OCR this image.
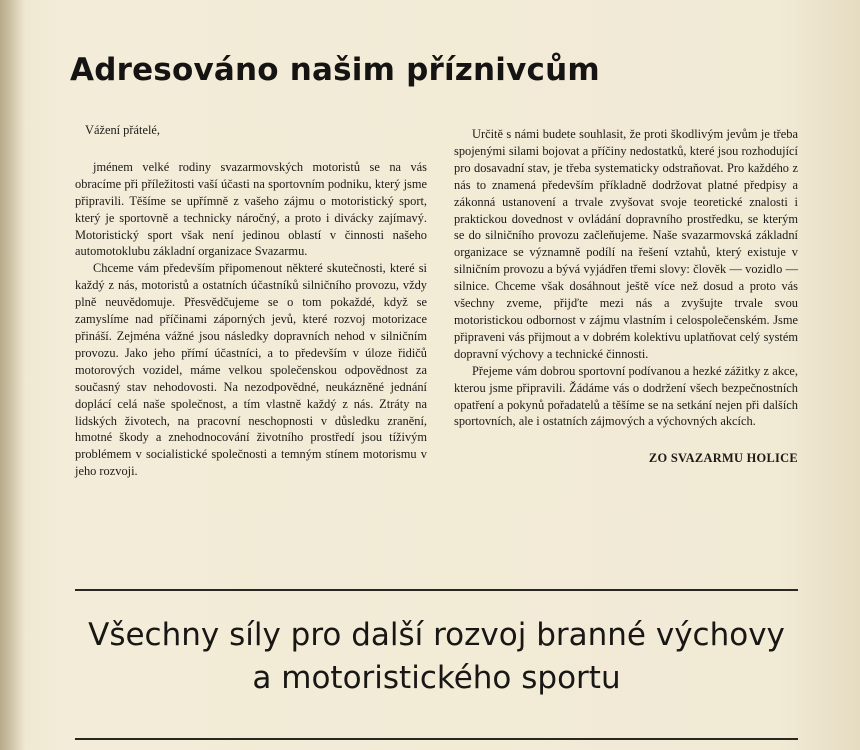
Adresováno našim příznivcům

Vážení přátelé,

jménem velké rodiny svazarmovských motoristů se na vás obracíme při příležitosti vaší účasti na sportovním podniku, který jsme připravili. Těšíme se upřímně z vašeho zájmu o motoristický sport, který je sportovně a technicky náročný, a proto i divácky zajímavý. Motoristický sport však není jedinou oblastí v činnosti našeho automotoklubu základní organizace Svazarmu.

Chceme vám především připomenout některé skutečnosti, které si každý z nás, motoristů a ostatních účastníků silničního provozu, vždy plně neuvědomuje. Přesvědčujeme se o tom pokaždé, když se zamyslíme nad příčinami záporných jevů, které rozvoj motorizace přináší. Zejména vážné jsou následky dopravních nehod v silničním provozu. Jako jeho přímí účastníci, a to především v úloze řidičů motorových vozidel, máme velkou společenskou odpovědnost za současný stav nehodovosti. Na nezodpovědné, neukázněné jednání doplácí celá naše společnost, a tím vlastně každý z nás. Ztráty na lidských životech, na pracovní neschopnosti v důsledku zranění, hmotné škody a znehodnocování životního prostředí jsou tíživým problémem v socialistické společnosti a temným stínem motorismu v jeho rozvoji.

Určitě s námi budete souhlasit, že proti škodlivým jevům je třeba spojenými silami bojovat a příčiny nedostatků, které jsou rozhodující pro dosavadní stav, je třeba systematicky odstraňovat. Pro každého z nás to znamená především příkladně dodržovat platné předpisy a zákonná ustanovení a trvale zvyšovat svoje teoretické znalosti i praktickou dovednost v ovládání dopravního prostředku, se kterým se do silničního provozu začleňujeme. Naše svazarmovská základní organizace se významně podílí na řešení vztahů, který existuje v silničním provozu a bývá vyjádřen třemi slovy: člověk — vozidlo — silnice. Chceme však dosáhnout ještě více než dosud a proto vás všechny zveme, přijďte mezi nás a zvyšujte trvale svou motoristickou odbornost v zájmu vlastním i celospolečenském. Jsme připraveni vás přijmout a v dobrém kolektivu uplatňovat celý systém dopravní výchovy a technické činnosti.

Přejeme vám dobrou sportovní podívanou a hezké zážitky z akce, kterou jsme připravili. Žádáme vás o dodržení všech bezpečnostních opatření a pokynů pořadatelů a těšíme se na setkání nejen při dalších sportovních, ale i ostatních zájmových a výchovných akcích.

ZO SVAZARMU HOLICE

Všechny síly pro další rozvoj branné výchovy a motoristického sportu
